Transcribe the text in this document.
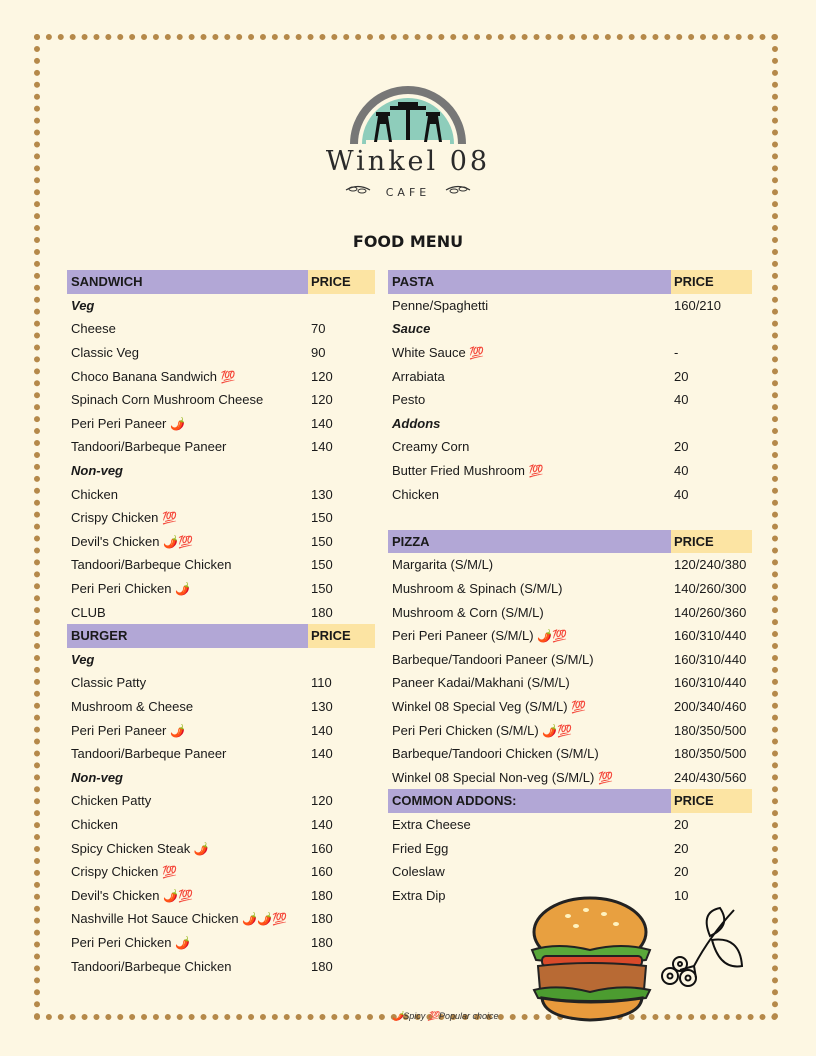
Winkel 08
CAFE
FOOD MENU
SANDWICH	PRICE
Veg
Cheese	70
Classic Veg	90
Choco Banana Sandwich 💯	120
Spinach Corn Mushroom Cheese	120
Peri Peri Paneer 🌶️	140
Tandoori/Barbeque Paneer	140
Non-veg
Chicken	130
Crispy Chicken 💯	150
Devil's Chicken 🌶️💯	150
Tandoori/Barbeque Chicken	150
Peri Peri Chicken 🌶️	150
CLUB	180
BURGER	PRICE
Veg
Classic Patty	110
Mushroom & Cheese	130
Peri Peri Paneer 🌶️	140
Tandoori/Barbeque Paneer	140
Non-veg
Chicken Patty	120
Chicken	140
Spicy Chicken Steak 🌶️	160
Crispy Chicken 💯	160
Devil's Chicken 🌶️💯	180
Nashville Hot Sauce Chicken 🌶️🌶️💯	180
Peri Peri Chicken 🌶️	180
Tandoori/Barbeque Chicken	180
PASTA	PRICE
Penne/Spaghetti	160/210
Sauce
White Sauce 💯	-
Arrabiata	20
Pesto	40
Addons
Creamy Corn	20
Butter Fried Mushroom 💯	40
Chicken	40
PIZZA	PRICE
Margarita (S/M/L)	120/240/380
Mushroom & Spinach (S/M/L)	140/260/300
Mushroom & Corn (S/M/L)	140/260/360
Peri Peri Paneer (S/M/L) 🌶️💯	160/310/440
Barbeque/Tandoori Paneer (S/M/L)	160/310/440
Paneer Kadai/Makhani (S/M/L)	160/310/440
Winkel 08 Special Veg (S/M/L) 💯	200/340/460
Peri Peri Chicken (S/M/L) 🌶️💯	180/350/500
Barbeque/Tandoori Chicken (S/M/L)	180/350/500
Winkel 08 Special Non-veg (S/M/L) 💯	240/430/560
COMMON ADDONS:	PRICE
Extra Cheese	20
Fried Egg	20
Coleslaw	20
Extra Dip	10
🌶️Spicy 💯Popular choice
